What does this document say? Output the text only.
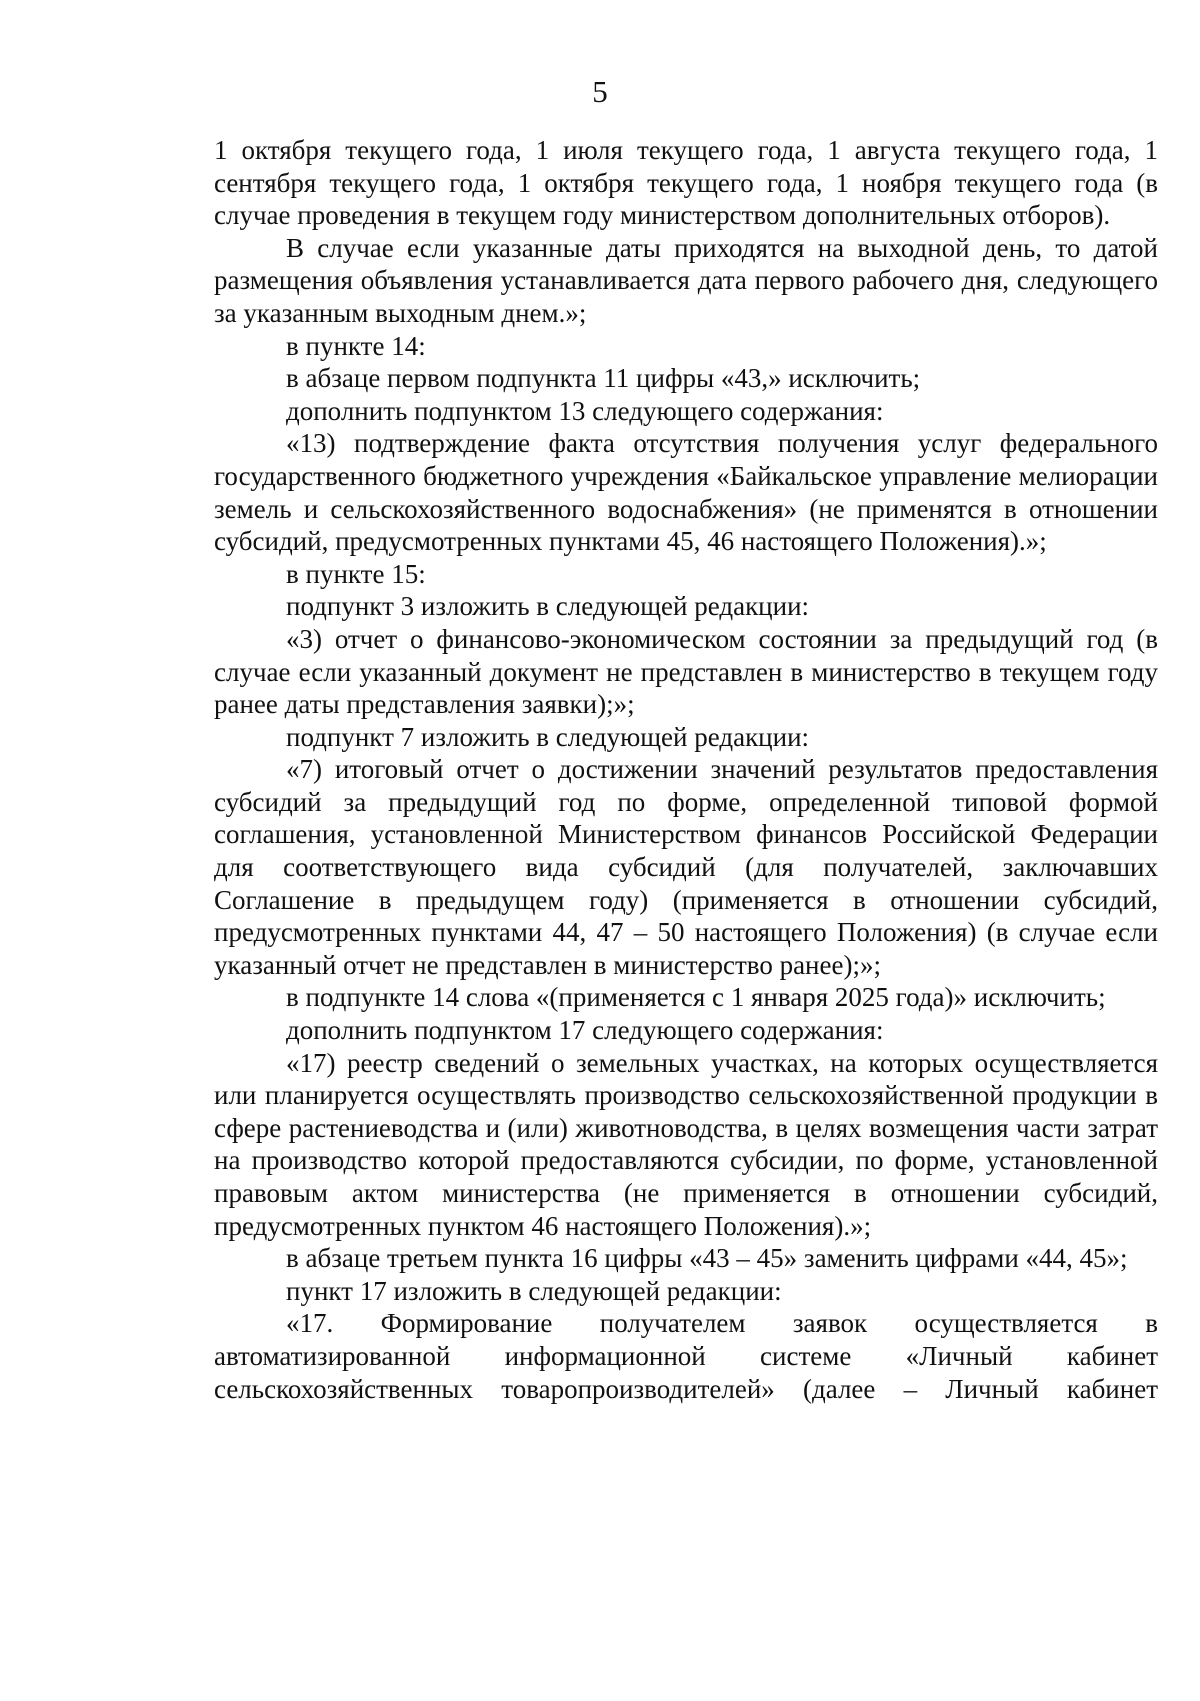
5

1 октября текущего года, 1 июля текущего года, 1 августа текущего года, 1 сентября текущего года, 1 октября текущего года, 1 ноября текущего года (в случае проведения в текущем году министерством дополнительных отборов).

В случае если указанные даты приходятся на выходной день, то датой размещения объявления устанавливается дата первого рабочего дня, следующего за указанным выходным днем.»;

в пункте 14:

в абзаце первом подпункта 11 цифры «43,» исключить;

дополнить подпунктом 13 следующего содержания:

«13) подтверждение факта отсутствия получения услуг федерального государственного бюджетного учреждения «Байкальское управление мелиорации земель и сельскохозяйственного водоснабжения» (не применятся в отношении субсидий, предусмотренных пунктами 45, 46 настоящего Положения).»;

в пункте 15:

подпункт 3 изложить в следующей редакции:

«3) отчет о финансово-экономическом состоянии за предыдущий год (в случае если указанный документ не представлен в министерство в текущем году ранее даты представления заявки);»;

подпункт 7 изложить в следующей редакции:

«7) итоговый отчет о достижении значений результатов предоставления субсидий за предыдущий год по форме, определенной типовой формой соглашения, установленной Министерством финансов Российской Федерации для соответствующего вида субсидий (для получателей, заключавших Соглашение в предыдущем году) (применяется в отношении субсидий, предусмотренных пунктами 44, 47 – 50 настоящего Положения) (в случае если указанный отчет не представлен в министерство ранее);»;

в подпункте 14 слова «(применяется с 1 января 2025 года)» исключить;

дополнить подпунктом 17 следующего содержания:

«17) реестр сведений о земельных участках, на которых осуществляется или планируется осуществлять производство сельскохозяйственной продукции в сфере растениеводства и (или) животноводства, в целях возмещения части затрат на производство которой предоставляются субсидии, по форме, установленной правовым актом министерства (не применяется в отношении субсидий, предусмотренных пунктом 46 настоящего Положения).»;

в абзаце третьем пункта 16 цифры «43 – 45» заменить цифрами «44, 45»;

пункт 17 изложить в следующей редакции:

«17. Формирование получателем заявок осуществляется в автоматизированной информационной системе «Личный кабинет сельскохозяйственных товаропроизводителей» (далее – Личный кабинет
